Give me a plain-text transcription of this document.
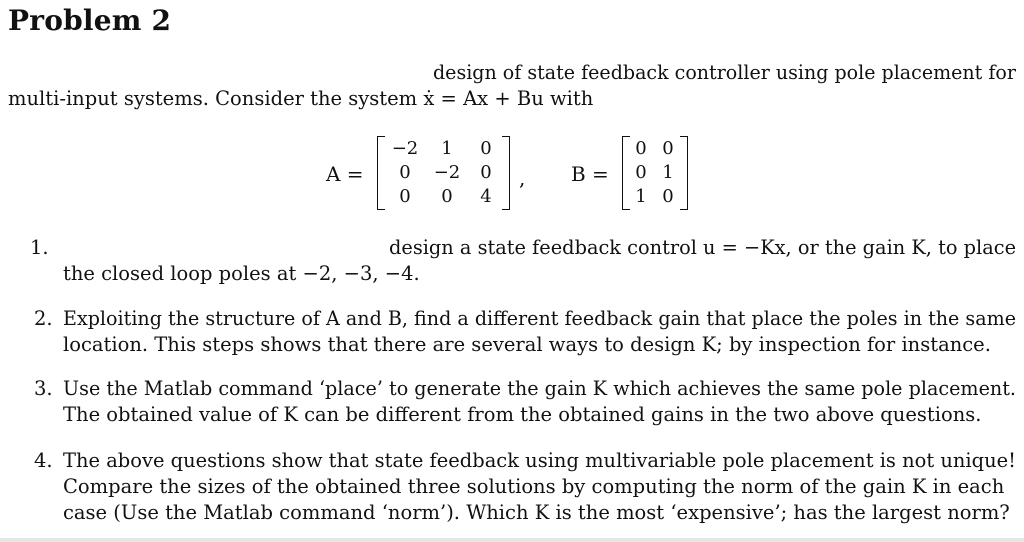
Problem 2
design of state feedback controller using pole placement for
multi-input systems. Consider the system ẋ = Ax + Bu with
A =
−2	1	0
0	−2	0
0	0	4
, B =
0 0
0 1
1 0
1.	design a state feedback control u = −Kx, or the gain K, to place
the closed loop poles at −2, −3, −4.
2. Exploiting the structure of A and B, find a different feedback gain that place the poles in the same
location. This steps shows that there are several ways to design K; by inspection for instance.
3. Use the Matlab command ‘place’ to generate the gain K which achieves the same pole placement.
The obtained value of K can be different from the obtained gains in the two above questions.
4. The above questions show that state feedback using multivariable pole placement is not unique!
Compare the sizes of the obtained three solutions by computing the norm of the gain K in each
case (Use the Matlab command ‘norm’). Which K is the most ‘expensive’; has the largest norm?
